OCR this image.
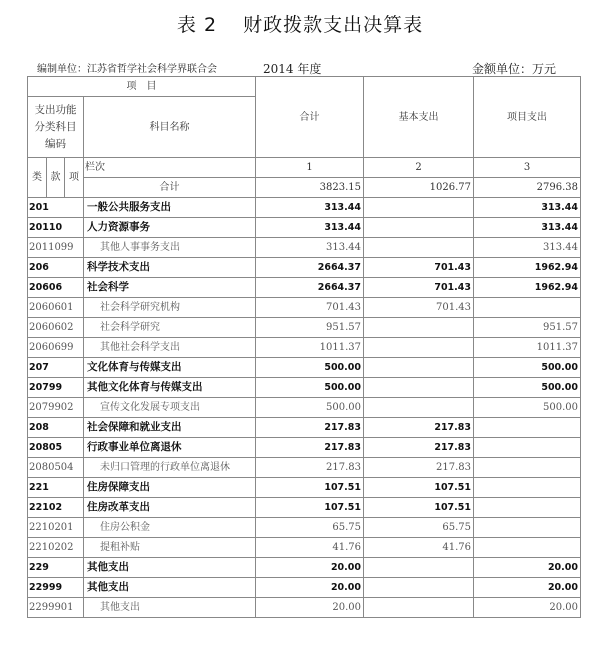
表 2 财政拨款支出决算表
编制单位：江苏省哲学社会科学界联合会	2014 年度	金额单位：万元
项　目				合计	基本支出	项目支出
支出功能分类科目编码			科目名称			
类	款	项	栏次	1	2	3
			合计	3823.15	1026.77	2796.38
201			一般公共服务支出	313.44		313.44
20110			人力资源事务	313.44		313.44
2011099			其他人事事务支出	313.44		313.44
206			科学技术支出	2664.37	701.43	1962.94
20606			社会科学	2664.37	701.43	1962.94
2060601			社会科学研究机构	701.43	701.43	
2060602			社会科学研究	951.57		951.57
2060699			其他社会科学支出	1011.37		1011.37
207			文化体育与传媒支出	500.00		500.00
20799			其他文化体育与传媒支出	500.00		500.00
2079902			宣传文化发展专项支出	500.00		500.00
208			社会保障和就业支出	217.83	217.83	
20805			行政事业单位离退休	217.83	217.83	
2080504			未归口管理的行政单位离退休	217.83	217.83	
221			住房保障支出	107.51	107.51	
22102			住房改革支出	107.51	107.51	
2210201			住房公积金	65.75	65.75	
2210202			提租补贴	41.76	41.76	
229			其他支出	20.00		20.00
22999			其他支出	20.00		20.00
2299901			其他支出	20.00		20.00
